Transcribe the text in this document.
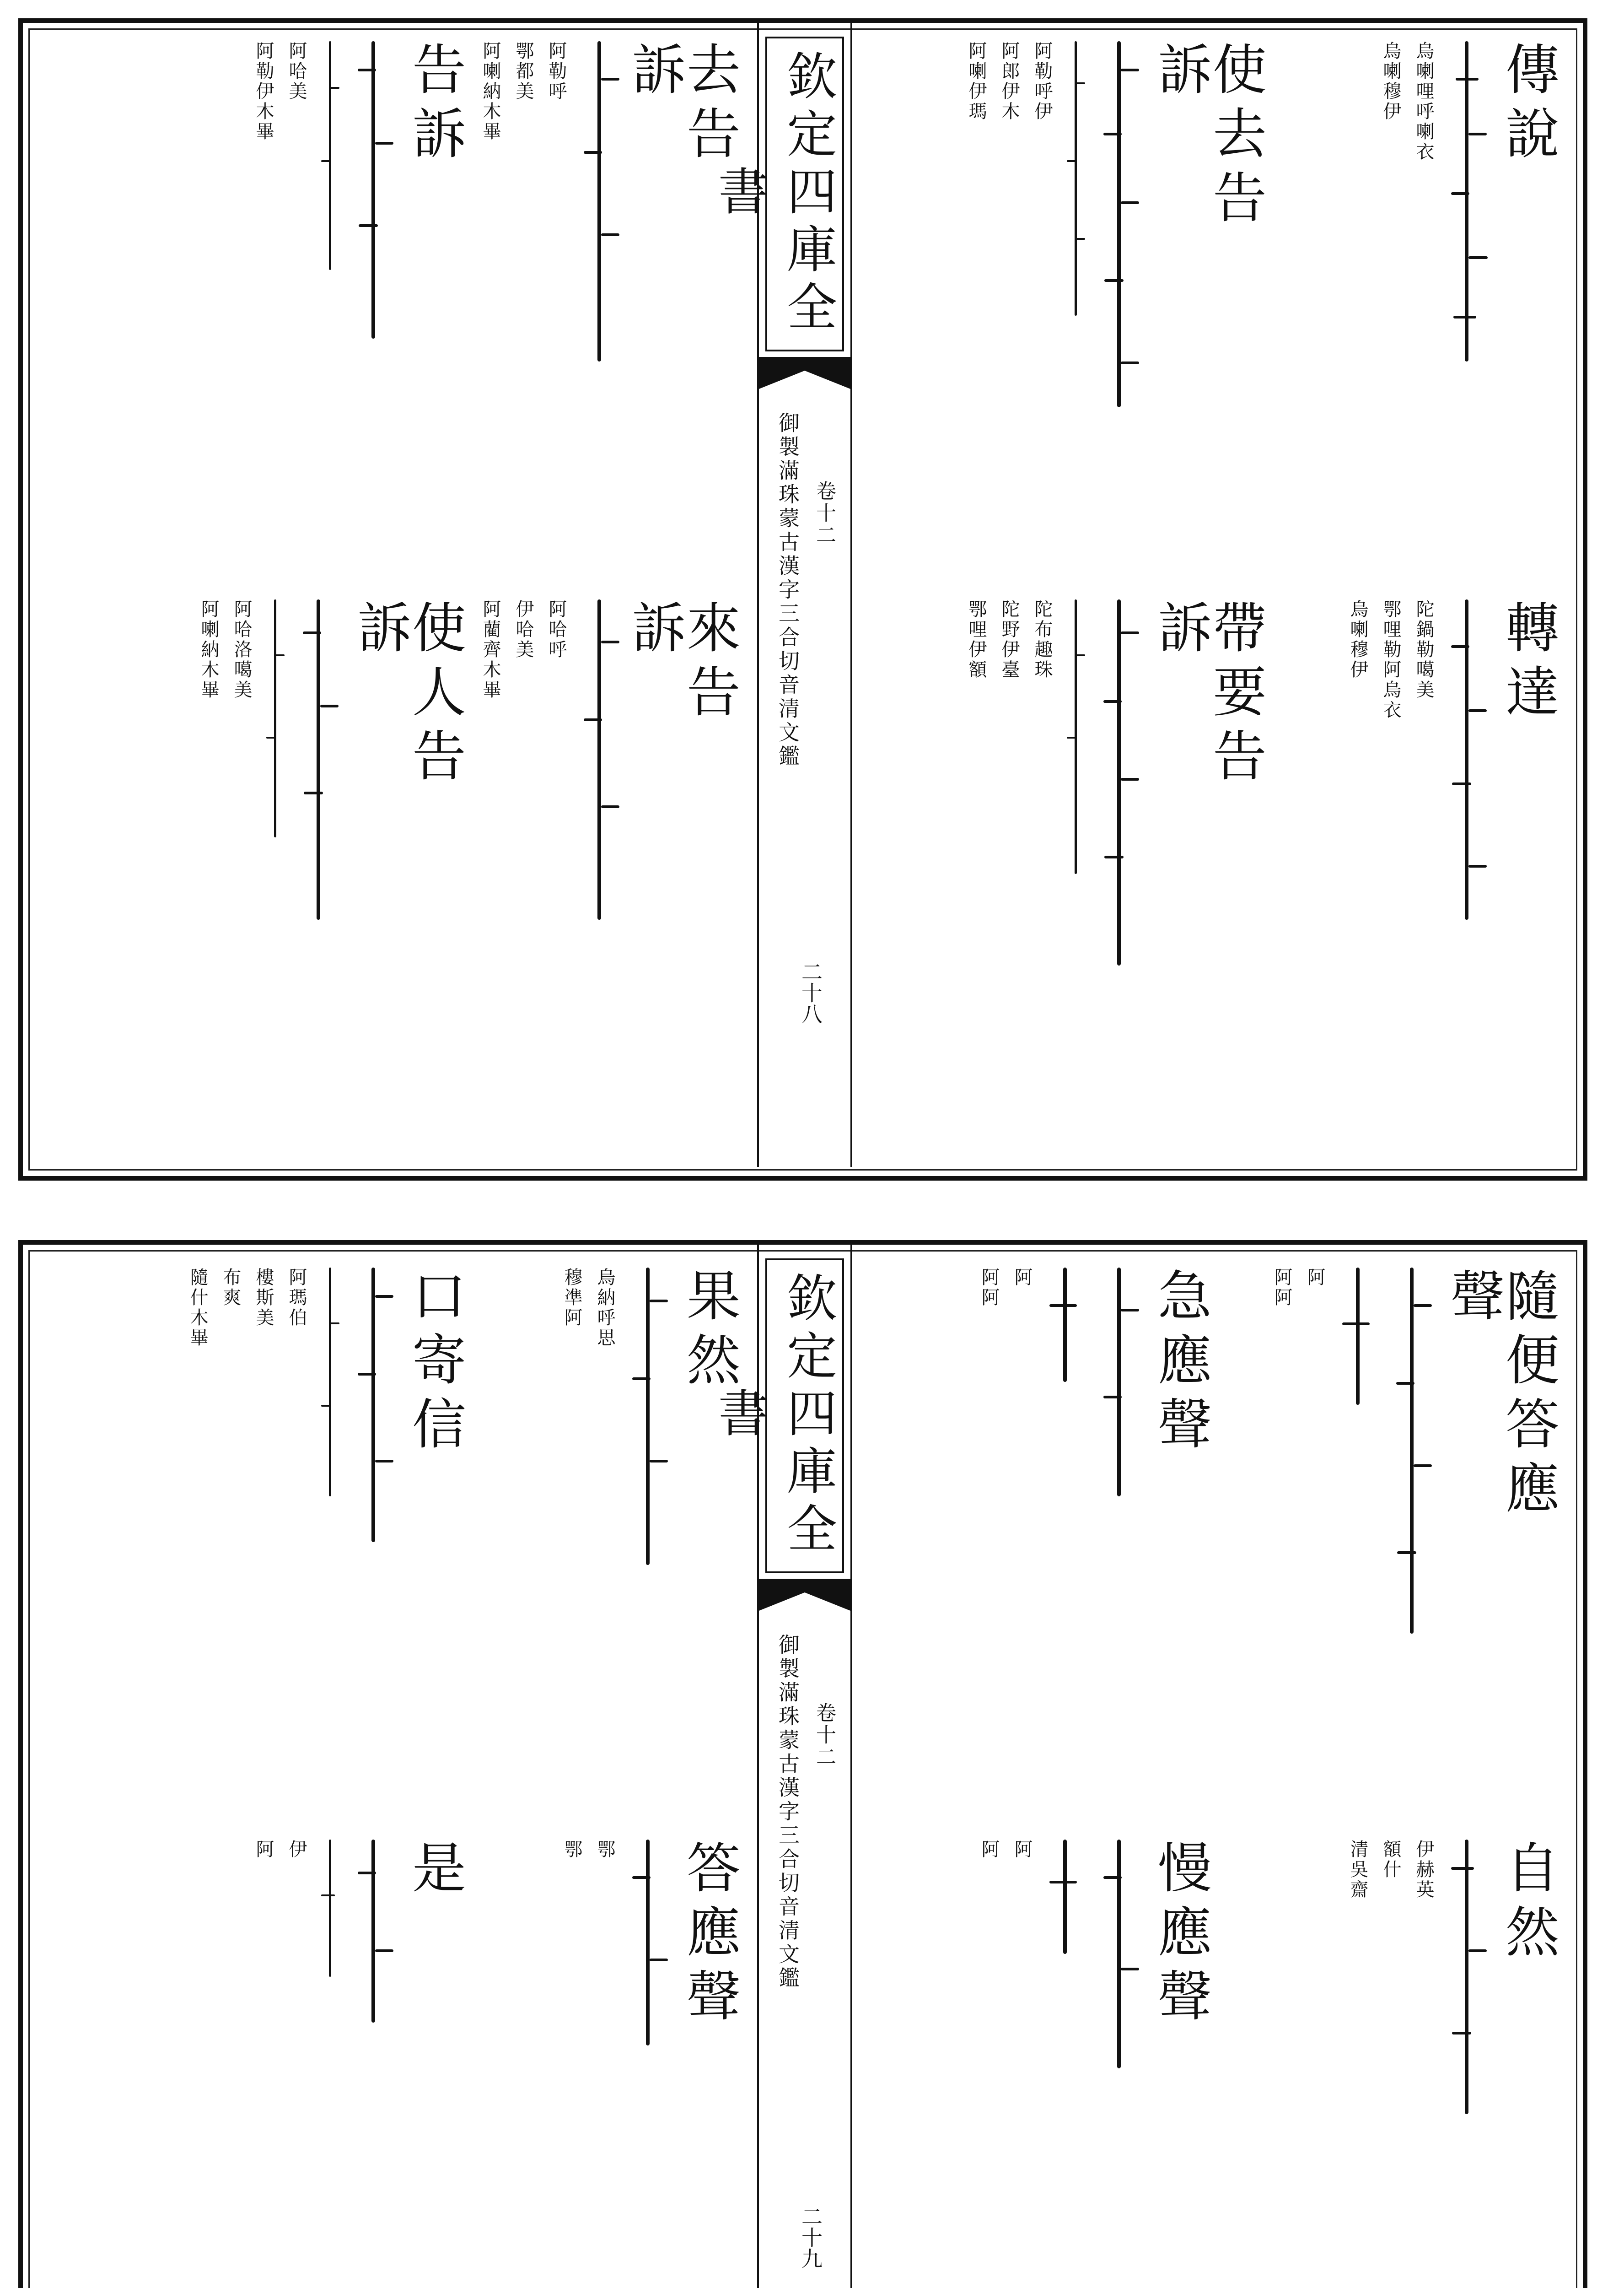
欽定四庫全書
御製滿珠蒙古漢字三合切音清文鑑 卷十二
二十八
傳說
烏喇哩呼喇衣
烏喇穆伊
使去告訴
阿勒呼伊
阿郎伊木
阿喇伊瑪
轉達
陀鍋勒噶美
鄂哩勒阿烏衣
烏喇穆伊
帶要告訴
陀布趣珠
陀野伊臺
鄂哩伊額
去告訴
阿勒呼
鄂都美
阿喇納木畢
告訴
阿哈美
阿勒伊木畢
來告訴
阿哈呼
伊哈美
阿藺齊木畢
使人告訴
阿哈洛噶美
阿喇納木畢
欽定四庫全書
御製滿珠蒙古漢字三合切音清文鑑 卷十二
二十九
隨便答應聲
阿
阿阿
自然
伊赫英
額什
清吳齋
急應聲
阿
阿阿
慢應聲
阿
阿
果然
烏納呼思
穆凖阿
答應聲
鄂
鄂
口寄信
阿瑪伯
樓斯美
布爽
隨什木畢
是
伊
阿
